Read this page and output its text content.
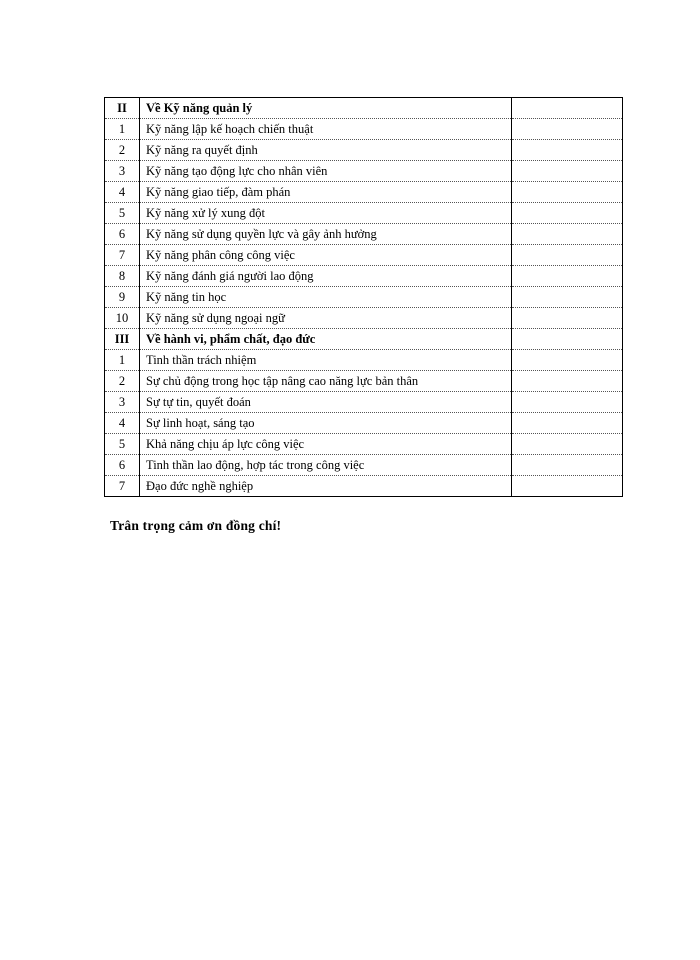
II	Về Kỹ năng quản lý	
1	Kỹ năng lập kế hoạch chiến thuật	
2	Kỹ năng ra quyết định	
3	Kỹ năng tạo động lực cho nhân viên	
4	Kỹ năng giao tiếp, đàm phán	
5	Kỹ năng xử lý xung đột	
6	Kỹ năng sử dụng quyền lực và gây ảnh hưởng	
7	Kỹ năng phân công công việc	
8	Kỹ năng đánh giá người lao động	
9	Kỹ năng tin học	
10	Kỹ năng sử dụng ngoại ngữ	
III	Về hành vi, phẩm chất, đạo đức	
1	Tinh thần trách nhiệm	
2	Sự chủ động trong học tập nâng cao năng lực bản thân	
3	Sự tự tin, quyết đoán	
4	Sự linh hoạt, sáng tạo	
5	Khả năng chịu áp lực công việc	
6	Tinh thần lao động, hợp tác trong công việc	
7	Đạo đức nghề nghiệp	
Trân trọng cảm ơn đồng chí!
